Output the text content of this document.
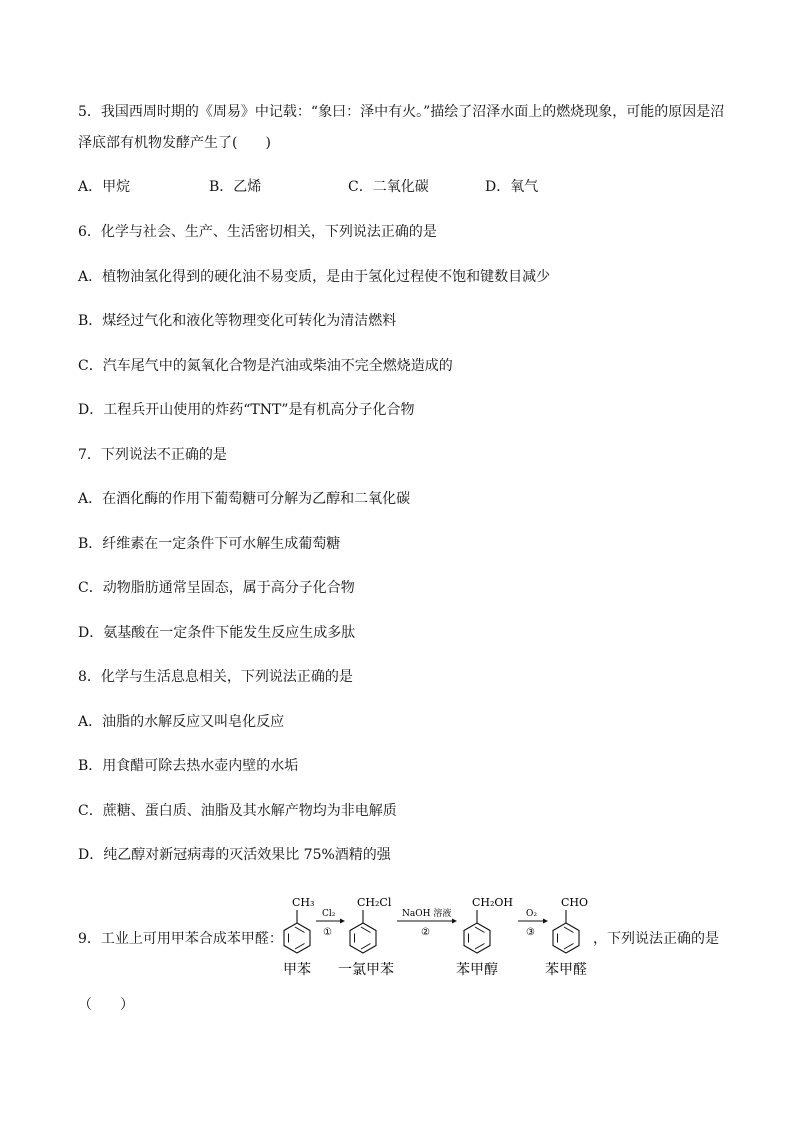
5．我国西周时期的《周易》中记载：“象曰：泽中有火。”描绘了沼泽水面上的燃烧现象，可能的原因是沼
泽底部有机物发酵产生了(　　)
A．甲烷	B．乙烯	C．二氧化碳	D．氧气
6．化学与社会、生产、生活密切相关，下列说法正确的是
A．植物油氢化得到的硬化油不易变质，是由于氢化过程使不饱和键数目减少
B．煤经过气化和液化等物理变化可转化为清洁燃料
C．汽车尾气中的氮氧化合物是汽油或柴油不完全燃烧造成的
D．工程兵开山使用的炸药“TNT”是有机高分子化合物
7．下列说法不正确的是
A．在酒化酶的作用下葡萄糖可分解为乙醇和二氧化碳
B．纤维素在一定条件下可水解生成葡萄糖
C．动物脂肪通常呈固态，属于高分子化合物
D．氨基酸在一定条件下能发生反应生成多肽
8．化学与生活息息相关，下列说法正确的是
A．油脂的水解反应又叫皂化反应
B．用食醋可除去热水壶内壁的水垢
C．蔗糖、蛋白质、油脂及其水解产物均为非电解质
D．纯乙醇对新冠病毒的灭活效果比 75%酒精的强
9．工业上可用甲苯合成苯甲醛：
CH₃
Cl₂
①
CH₂Cl
NaOH 溶液
②
CH₂OH
O₂
③
CHO
甲苯 一氯甲苯	苯甲醇	苯甲醛
，下列说法正确的是
（　　）
